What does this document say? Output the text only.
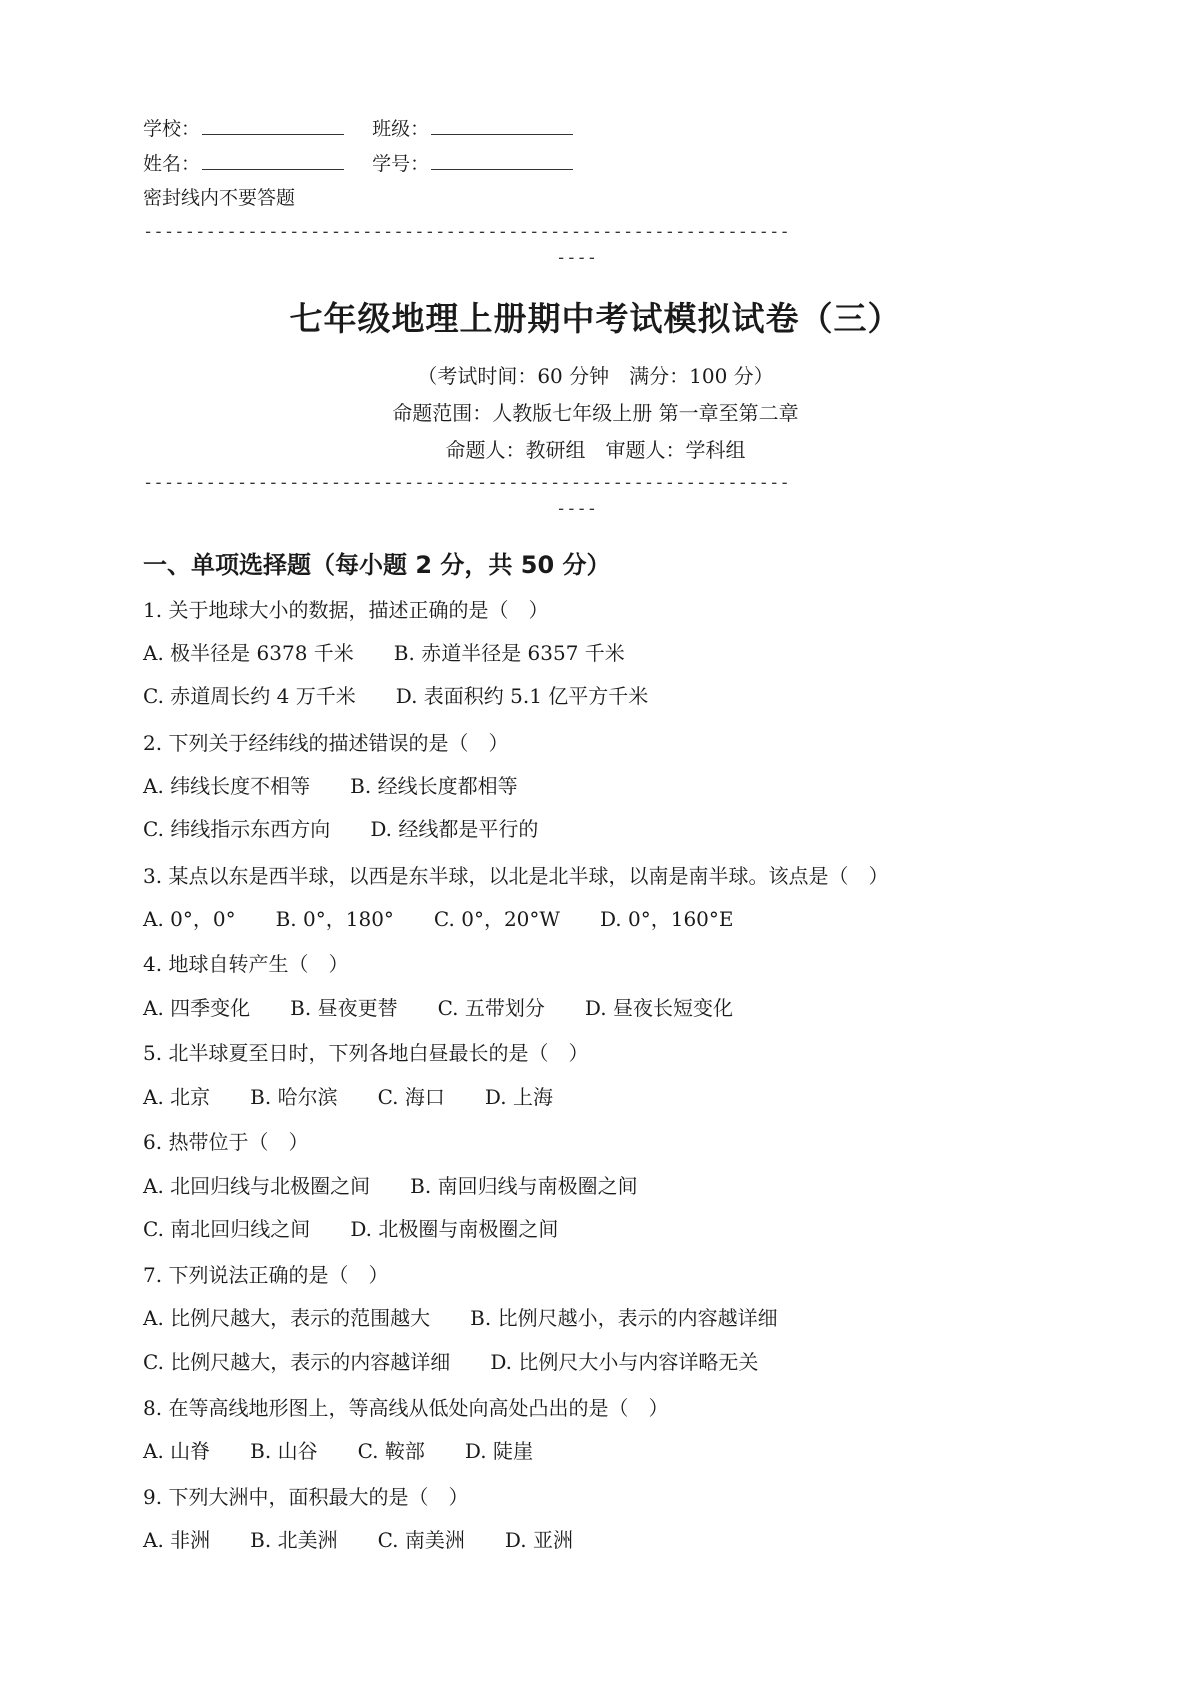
学校：	班级：
姓名：	学号：
密封线内不要答题
--------------------------------------------------------------
----
七年级地理上册期中考试模拟试卷（三）
（考试时间：60 分钟　满分：100 分）
命题范围：人教版七年级上册 第一章至第二章
命题人：教研组　审题人：学科组
--------------------------------------------------------------
----
一、单项选择题（每小题 2 分，共 50 分）
1. 关于地球大小的数据，描述正确的是（　）
A. 极半径是 6378 千米 B. 赤道半径是 6357 千米
C. 赤道周长约 4 万千米 D. 表面积约 5.1 亿平方千米
2. 下列关于经纬线的描述错误的是（　）
A. 纬线长度不相等 B. 经线长度都相等
C. 纬线指示东西方向 D. 经线都是平行的
3. 某点以东是西半球，以西是东半球，以北是北半球，以南是南半球。该点是（　）
A. 0°，0° B. 0°，180° C. 0°，20°W D. 0°，160°E
4. 地球自转产生（　）
A. 四季变化 B. 昼夜更替 C. 五带划分 D. 昼夜长短变化
5. 北半球夏至日时，下列各地白昼最长的是（　）
A. 北京 B. 哈尔滨 C. 海口 D. 上海
6. 热带位于（　）
A. 北回归线与北极圈之间 B. 南回归线与南极圈之间
C. 南北回归线之间 D. 北极圈与南极圈之间
7. 下列说法正确的是（　）
A. 比例尺越大，表示的范围越大 B. 比例尺越小，表示的内容越详细
C. 比例尺越大，表示的内容越详细 D. 比例尺大小与内容详略无关
8. 在等高线地形图上，等高线从低处向高处凸出的是（　）
A. 山脊 B. 山谷 C. 鞍部 D. 陡崖
9. 下列大洲中，面积最大的是（　）
A. 非洲 B. 北美洲 C. 南美洲 D. 亚洲
